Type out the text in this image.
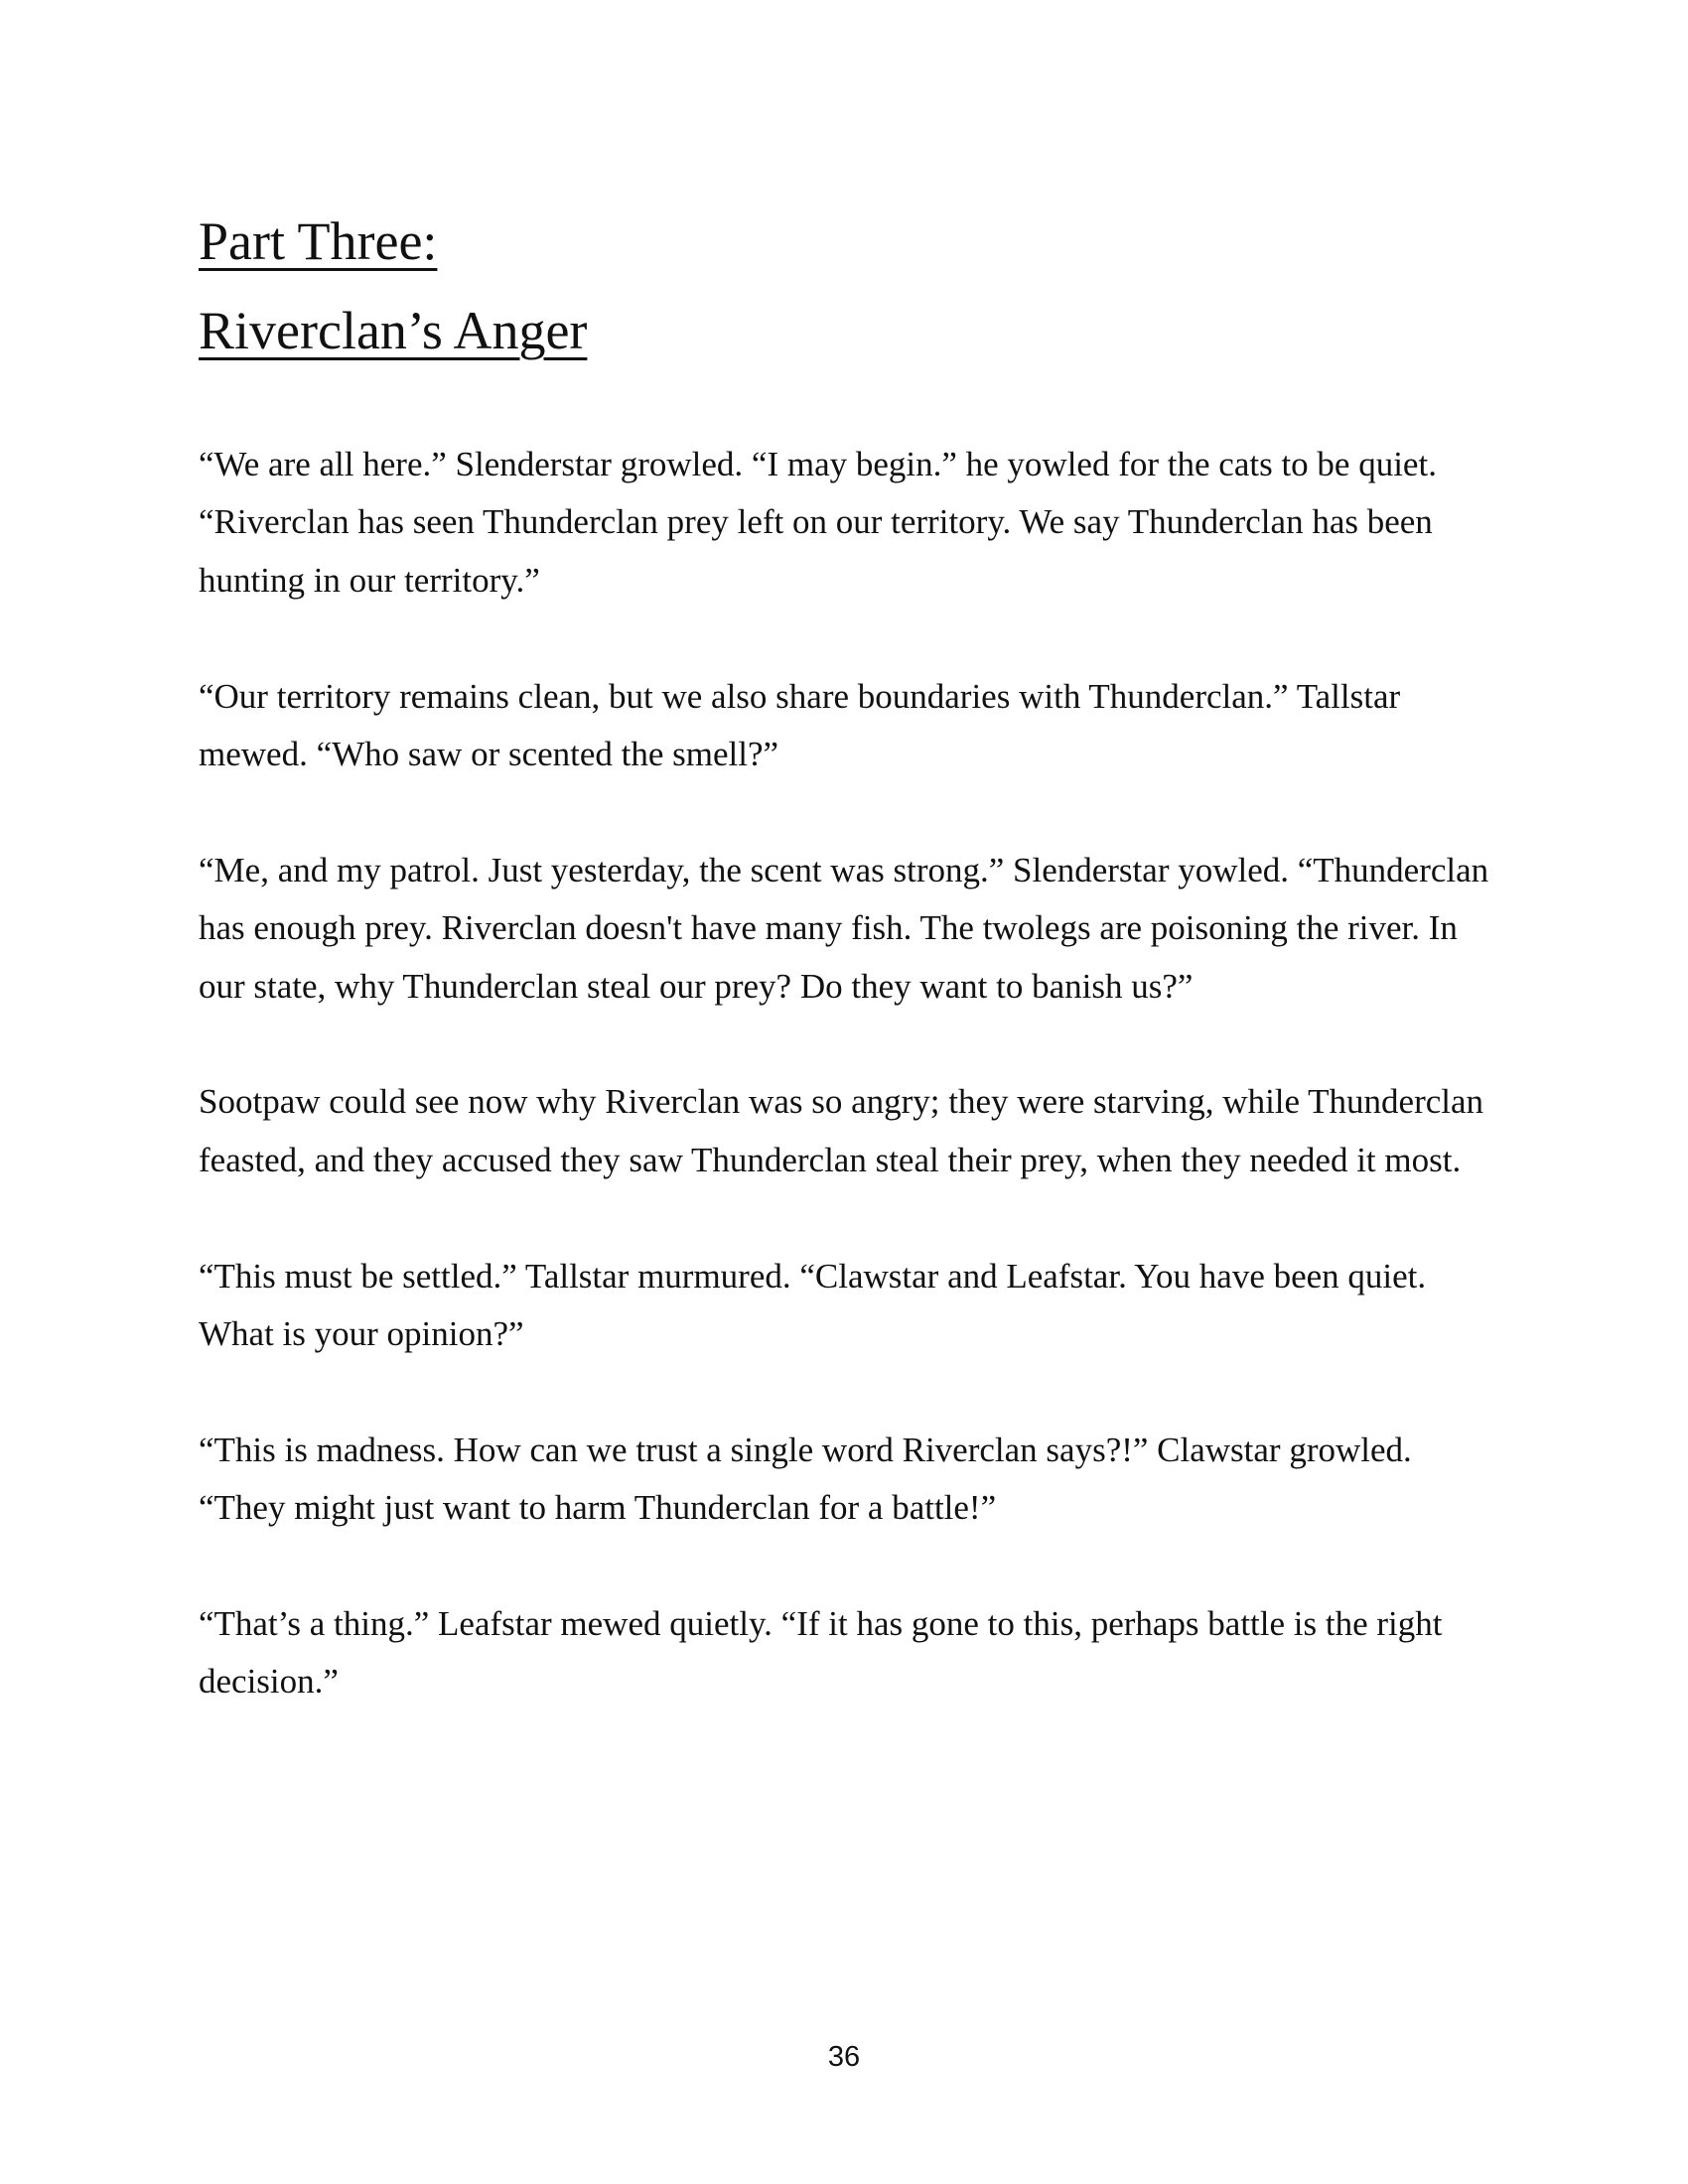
Part Three:
Riverclan’s Anger

“We are all here.” Slenderstar growled. “I may begin.” he yowled for the cats to be quiet. “Riverclan has seen Thunderclan prey left on our territory. We say Thunderclan has been hunting in our territory.”

“Our territory remains clean, but we also share boundaries with Thunderclan.” Tallstar mewed. “Who saw or scented the smell?”

“Me, and my patrol. Just yesterday, the scent was strong.” Slenderstar yowled. “Thunderclan has enough prey. Riverclan doesn't have many fish. The twolegs are poisoning the river. In our state, why Thunderclan steal our prey? Do they want to banish us?”

Sootpaw could see now why Riverclan was so angry; they were starving, while Thunderclan feasted, and they accused they saw Thunderclan steal their prey, when they needed it most.

“This must be settled.” Tallstar murmured. “Clawstar and Leafstar. You have been quiet. What is your opinion?”

“This is madness. How can we trust a single word Riverclan says?!” Clawstar growled. “They might just want to harm Thunderclan for a battle!”

“That’s a thing.” Leafstar mewed quietly. “If it has gone to this, perhaps battle is the right decision.”

36
